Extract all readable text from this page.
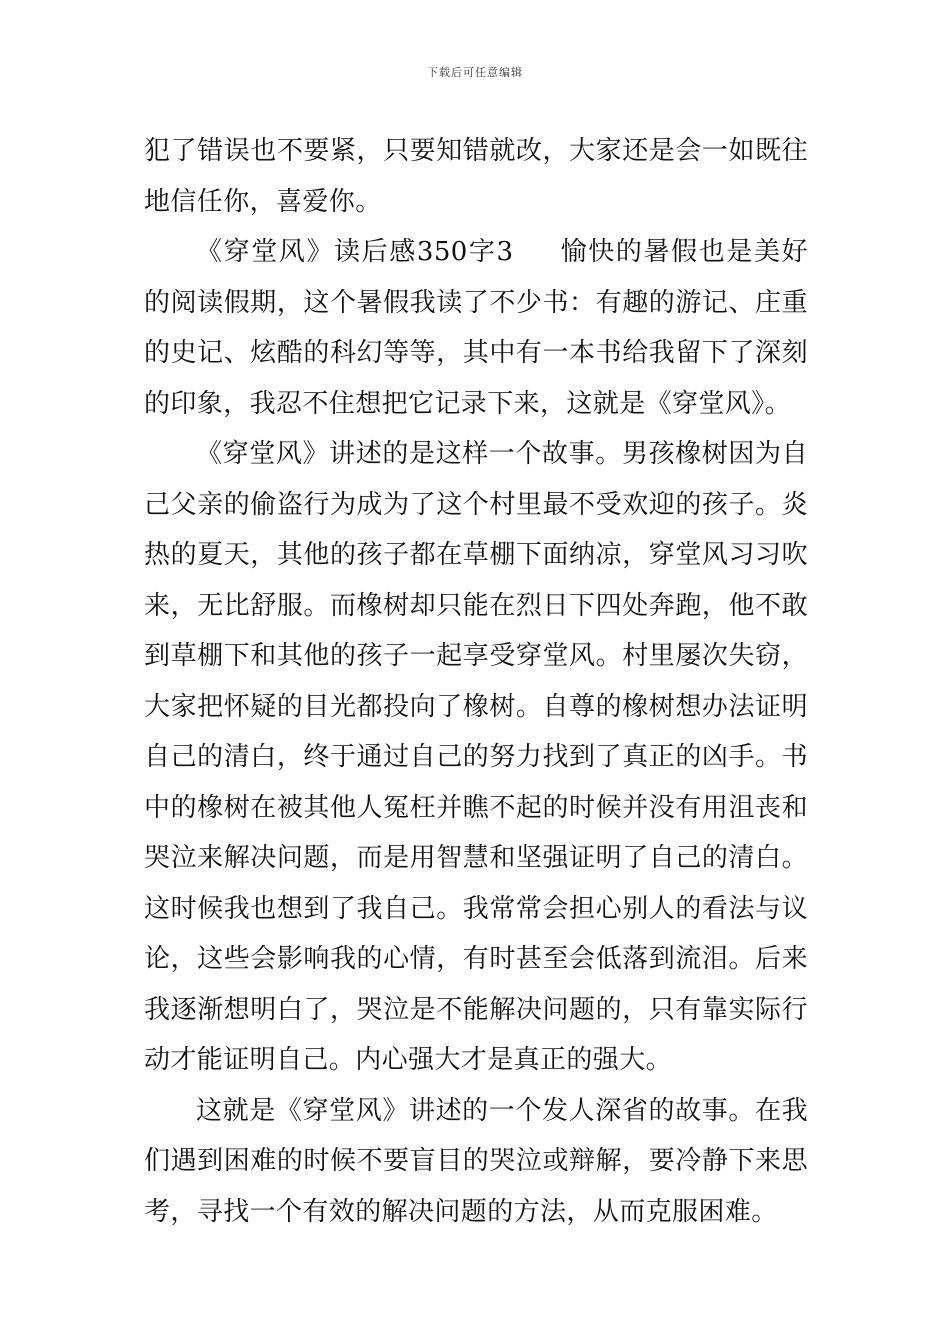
下载后可任意编辑

犯了错误也不要紧，只要知错就改，大家还是会一如既往地信任你，喜爱你。

《穿堂风》读后感350字3 愉快的暑假也是美好的阅读假期，这个暑假我读了不少书：有趣的游记、庄重的史记、炫酷的科幻等等，其中有一本书给我留下了深刻的印象，我忍不住想把它记录下来，这就是《穿堂风》。

《穿堂风》讲述的是这样一个故事。男孩橡树因为自己父亲的偷盗行为成为了这个村里最不受欢迎的孩子。炎热的夏天，其他的孩子都在草棚下面纳凉，穿堂风习习吹来，无比舒服。而橡树却只能在烈日下四处奔跑，他不敢到草棚下和其他的孩子一起享受穿堂风。村里屡次失窃，大家把怀疑的目光都投向了橡树。自尊的橡树想办法证明自己的清白，终于通过自己的努力找到了真正的凶手。书中的橡树在被其他人冤枉并瞧不起的时候并没有用沮丧和哭泣来解决问题，而是用智慧和坚强证明了自己的清白。这时候我也想到了我自己。我常常会担心别人的看法与议论，这些会影响我的心情，有时甚至会低落到流泪。后来我逐渐想明白了，哭泣是不能解决问题的，只有靠实际行动才能证明自己。内心强大才是真正的强大。

这就是《穿堂风》讲述的一个发人深省的故事。在我们遇到困难的时候不要盲目的哭泣或辩解，要冷静下来思考，寻找一个有效的解决问题的方法，从而克服困难。
